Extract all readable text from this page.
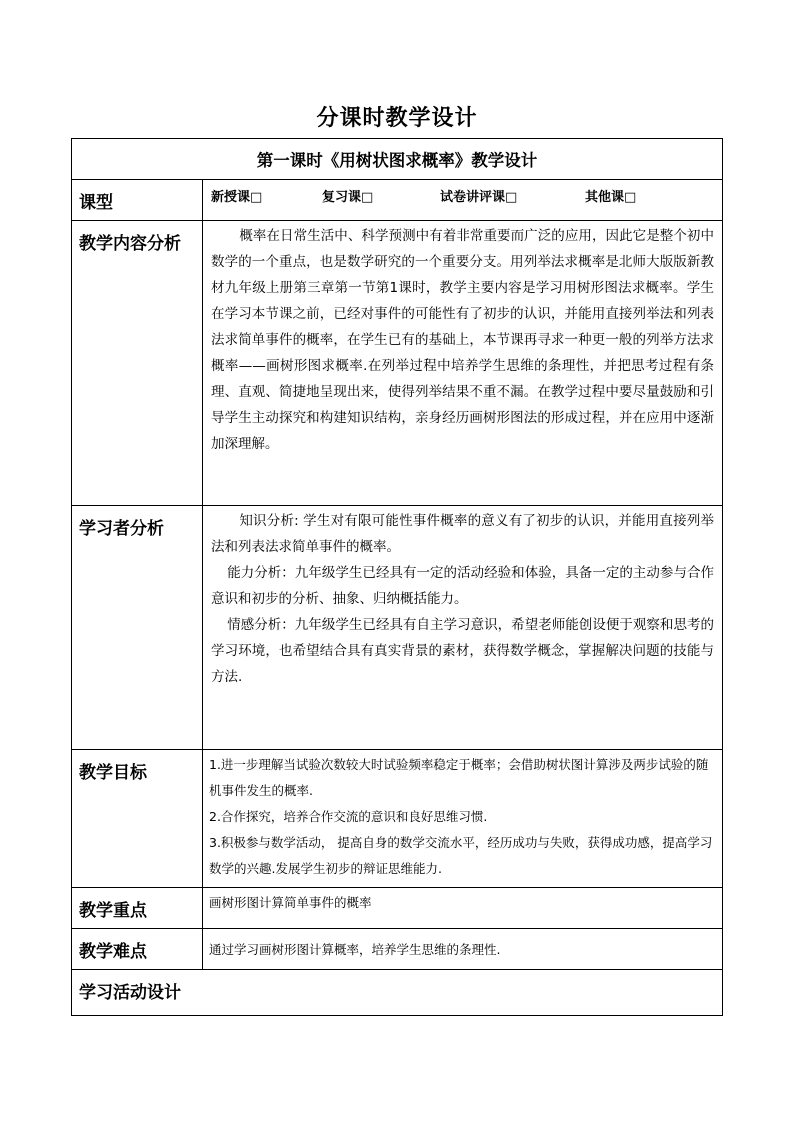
分课时教学设计
第一课时《用树状图求概率》教学设计	
课型	新授课□ 复习课□ 试卷讲评课□ 其他课□
教学内容分析	概率在日常生活中、科学预测中有着非常重要而广泛的应用，因此它是整个初中数学的一个重点，也是数学研究的一个重要分支。用列举法求概率是北师大版版新教材九年级上册第三章第一节第1课时，教学主要内容是学习用树形图法求概率。学生在学习本节课之前，已经对事件的可能性有了初步的认识，并能用直接列举法和列表法求简单事件的概率，在学生已有的基础上，本节课再寻求一种更一般的列举方法求概率——画树形图求概率.在列举过程中培养学生思维的条理性，并把思考过程有条理、直观、简捷地呈现出来，使得列举结果不重不漏。在教学过程中要尽量鼓励和引导学生主动探究和构建知识结构，亲身经历画树形图法的形成过程，并在应用中逐渐加深理解。

学习者分析	知识分析: 学生对有限可能性事件概率的意义有了初步的认识，并能用直接列举法和列表法求简单事件的概率。

能力分析：九年级学生已经具有一定的活动经验和体验，具备一定的主动参与合作意识和初步的分析、抽象、归纳概括能力。

情感分析：九年级学生已经具有自主学习意识，希望老师能创设便于观察和思考的学习环境，也希望结合具有真实背景的素材，获得数学概念，掌握解决问题的技能与方法.

教学目标	1.进一步理解当试验次数较大时试验频率稳定于概率；会借助树状图计算涉及两步试验的随机事件发生的概率.

2.合作探究，培养合作交流的意识和良好思维习惯.

3.积极参与数学活动， 提高自身的数学交流水平，经历成功与失败，获得成功感，提高学习数学的兴趣.发展学生初步的辩证思维能力.

教学重点	画树形图计算简单事件的概率
教学难点	通过学习画树形图计算概率，培养学生思维的条理性.
学习活动设计	
